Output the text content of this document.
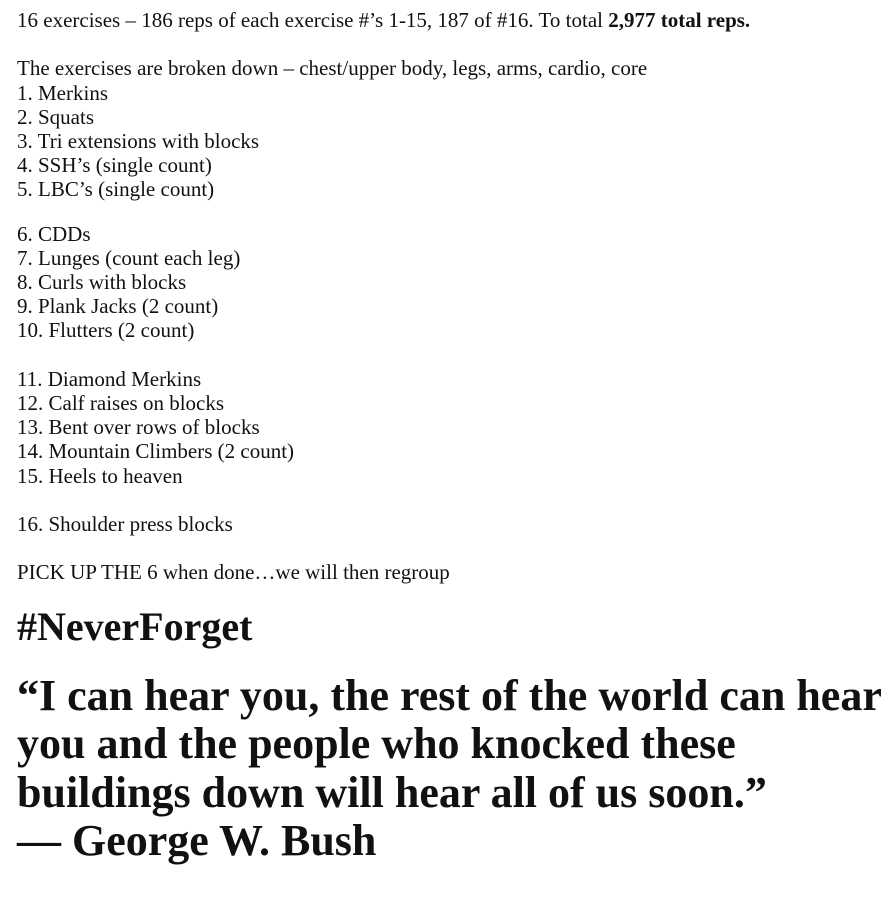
16 exercises – 186 reps of each exercise #’s 1-15, 187 of #16. To total 2,977 total reps.
The exercises are broken down – chest/upper body, legs, arms, cardio, core
1. Merkins
2. Squats
3. Tri extensions with blocks
4. SSH’s (single count)
5. LBC’s (single count)
6. CDDs
7. Lunges (count each leg)
8. Curls with blocks
9. Plank Jacks (2 count)
10. Flutters (2 count)
11. Diamond Merkins
12. Calf raises on blocks
13. Bent over rows of blocks
14. Mountain Climbers (2 count)
15. Heels to heaven
16. Shoulder press blocks
PICK UP THE 6 when done…we will then regroup
#NeverForget
“I can hear you, the rest of the world can hear you and the people who knocked these buildings down will hear all of us soon.”
— George W. Bush
